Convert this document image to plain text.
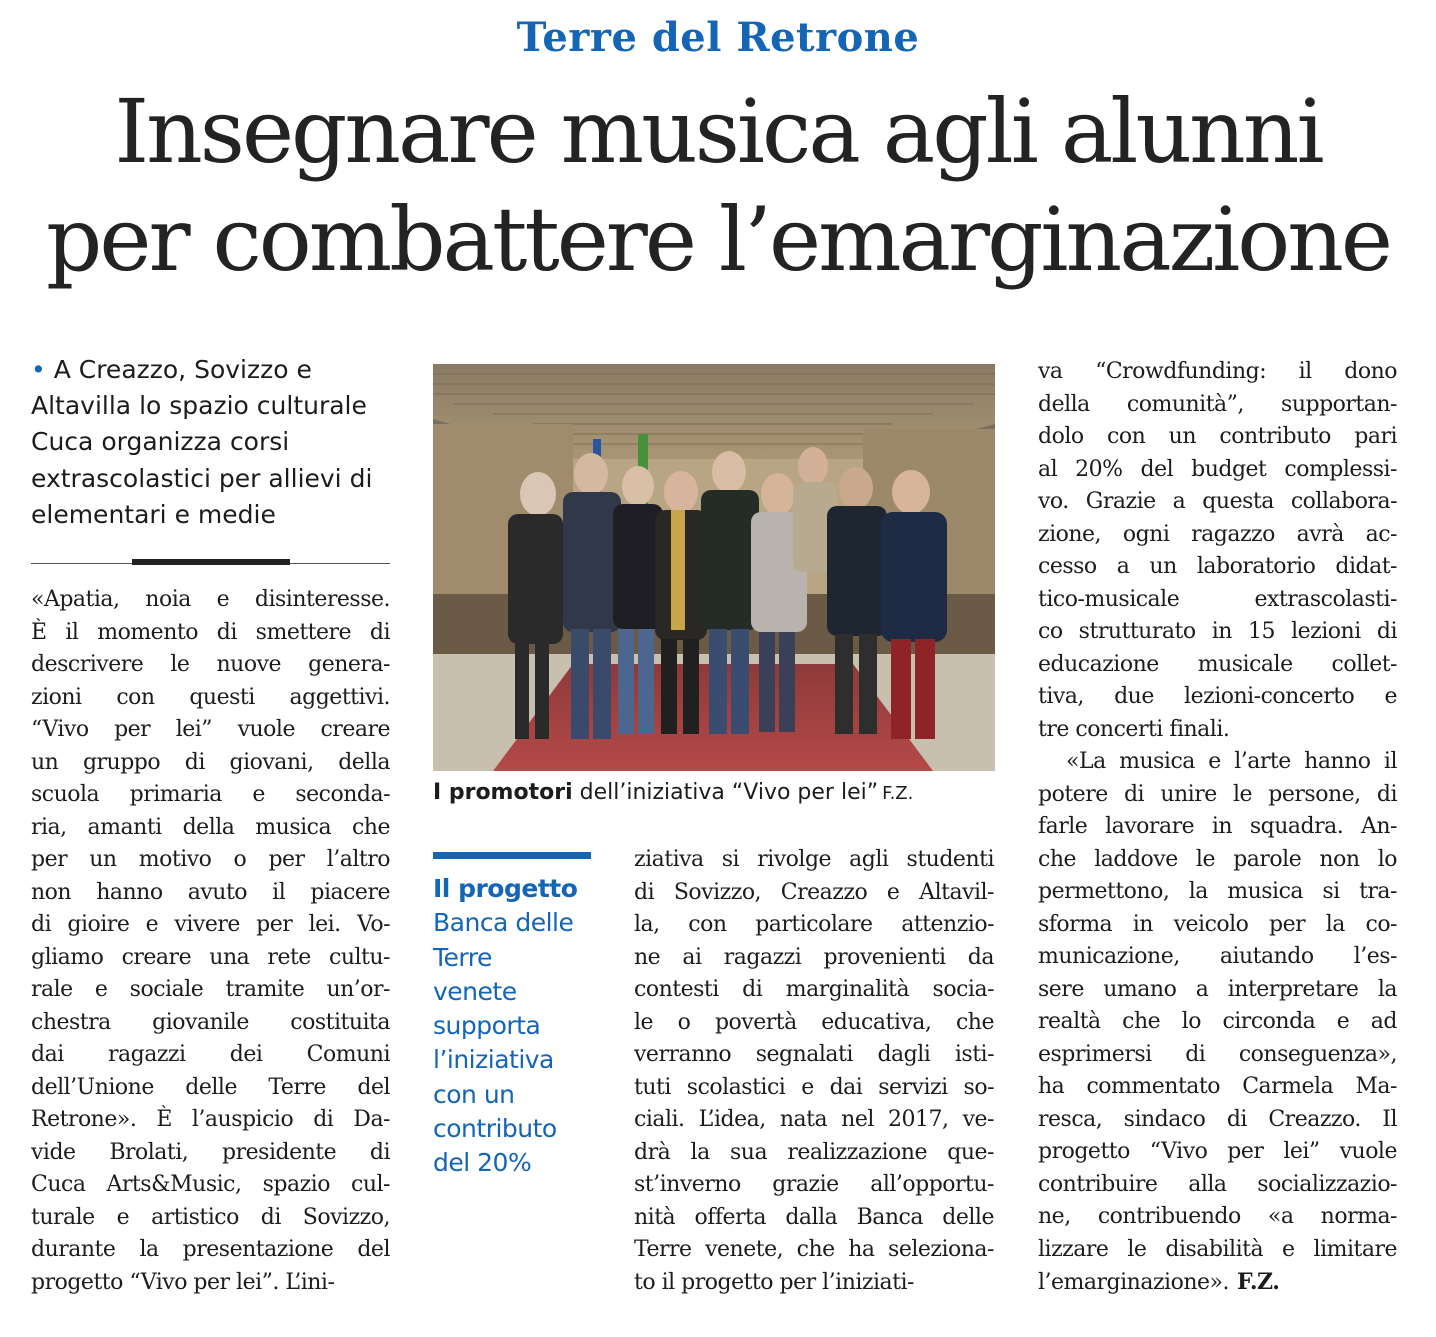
Terre del Retrone
Insegnare musica agli alunni
per combattere l’emarginazione
• A Creazzo, Sovizzo e
Altavilla lo spazio culturale
Cuca organizza corsi
extrascolastici per allievi di
elementari e medie
«Apatia, noia e disinteresse.
È il momento di smettere di
descrivere le nuove genera-
zioni con questi aggettivi.
“Vivo per lei” vuole creare
un gruppo di giovani, della
scuola primaria e seconda-
ria, amanti della musica che
per un motivo o per l’altro
non hanno avuto il piacere
di gioire e vivere per lei. Vo-
gliamo creare una rete cultu-
rale e sociale tramite un’or-
chestra giovanile costituita
dai ragazzi dei Comuni
dell’Unione delle Terre del
Retrone». È l’auspicio di Da-
vide Brolati, presidente di
Cuca Arts&Music, spazio cul-
turale e artistico di Sovizzo,
durante la presentazione del
progetto “Vivo per lei”. L’ini-
ziativa si rivolge agli studenti
di Sovizzo, Creazzo e Altavil-
la, con particolare attenzio-
ne ai ragazzi provenienti da
contesti di marginalità socia-
le o povertà educativa, che
verranno segnalati dagli isti-
tuti scolastici e dai servizi so-
ciali. L’idea, nata nel 2017, ve-
drà la sua realizzazione que-
st’inverno grazie all’opportu-
nità offerta dalla Banca delle
Terre venete, che ha seleziona-
to il progetto per l’iniziati-
va “Crowdfunding: il dono
della comunità”, supportan-
dolo con un contributo pari
al 20% del budget complessi-
vo. Grazie a questa collabora-
zione, ogni ragazzo avrà ac-
cesso a un laboratorio didat-
tico-musicale extrascolasti-
co strutturato in 15 lezioni di
educazione musicale collet-
tiva, due lezioni-concerto e
tre concerti finali.
«La musica e l’arte hanno il
potere di unire le persone, di
farle lavorare in squadra. An-
che laddove le parole non lo
permettono, la musica si tra-
sforma in veicolo per la co-
municazione, aiutando l’es-
sere umano a interpretare la
realtà che lo circonda e ad
esprimersi di conseguenza»,
ha commentato Carmela Ma-
resca, sindaco di Creazzo. Il
progetto “Vivo per lei” vuole
contribuire alla socializzazio-
ne, contribuendo «a norma-
lizzare le disabilità e limitare
l’emarginazione». F.Z.
I promotori dell’iniziativa “Vivo per lei” F.Z.
Il progetto
Banca delle
Terre
venete
supporta
l’iniziativa
con un
contributo
del 20%
